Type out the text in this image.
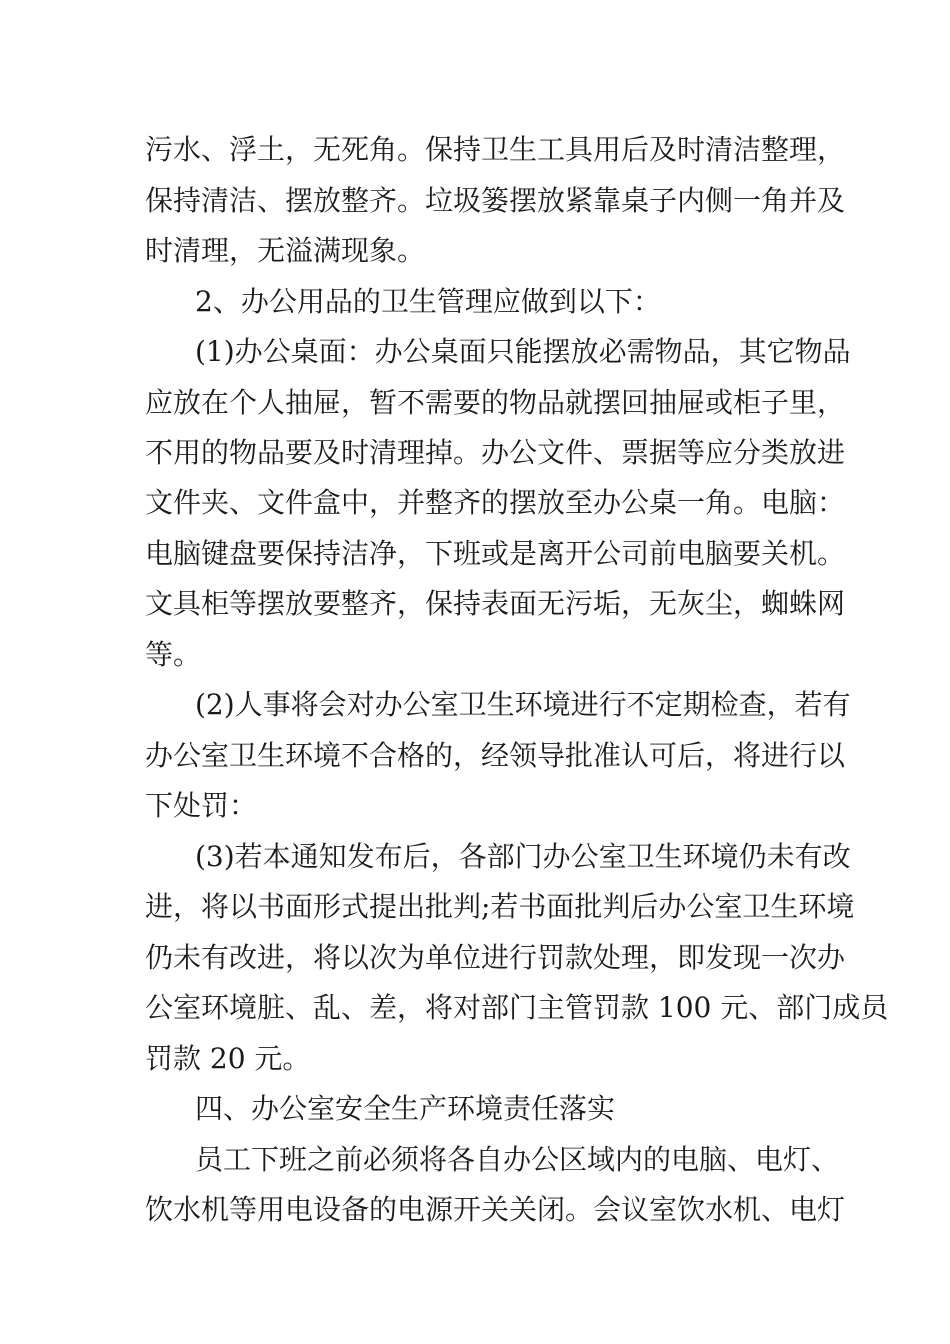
污水、浮土，无死角。保持卫生工具用后及时清洁整理，
保持清洁、摆放整齐。垃圾篓摆放紧靠桌子内侧一角并及
时清理，无溢满现象。
2、办公用品的卫生管理应做到以下：
(1)办公桌面：办公桌面只能摆放必需物品，其它物品
应放在个人抽屉，暂不需要的物品就摆回抽屉或柜子里，
不用的物品要及时清理掉。办公文件、票据等应分类放进
文件夹、文件盒中，并整齐的摆放至办公桌一角。电脑：
电脑键盘要保持洁净，下班或是离开公司前电脑要关机。
文具柜等摆放要整齐，保持表面无污垢，无灰尘，蜘蛛网
等。
(2)人事将会对办公室卫生环境进行不定期检查，若有
办公室卫生环境不合格的，经领导批准认可后，将进行以
下处罚：
(3)若本通知发布后，各部门办公室卫生环境仍未有改
进，将以书面形式提出批判;若书面批判后办公室卫生环境
仍未有改进，将以次为单位进行罚款处理，即发现一次办
公室环境脏、乱、差，将对部门主管罚款 100 元、部门成员
罚款 20 元。
四、办公室安全生产环境责任落实
员工下班之前必须将各自办公区域内的电脑、电灯、
饮水机等用电设备的电源开关关闭。会议室饮水机、电灯
